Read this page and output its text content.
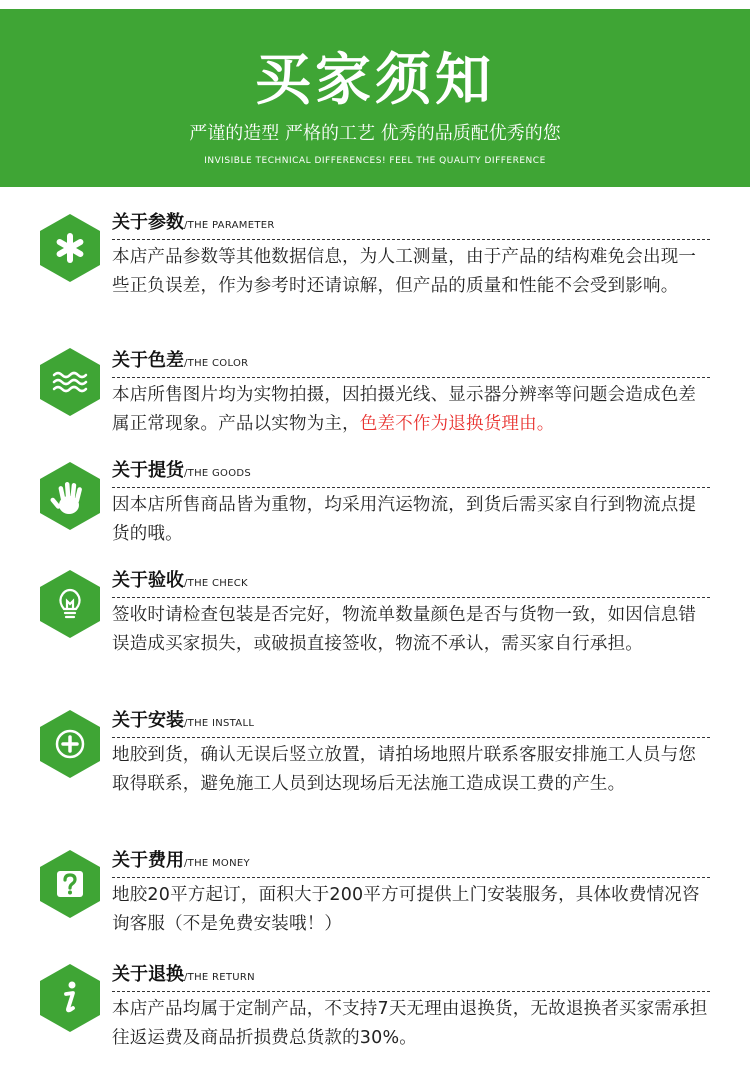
买家须知
严谨的造型 严格的工艺 优秀的品质配优秀的您
INVISIBLE TECHNICAL DIFFERENCES! FEEL THE QUALITY DIFFERENCE
关于参数/THE PARAMETER
本店产品参数等其他数据信息，为人工测量，由于产品的结构难免会出现一些正负误差，作为参考时还请谅解，但产品的质量和性能不会受到影响。
关于色差/THE COLOR
本店所售图片均为实物拍摄，因拍摄光线、显示器分辨率等问题会造成色差属正常现象。产品以实物为主，色差不作为退换货理由。
关于提货/THE GOODS
因本店所售商品皆为重物，均采用汽运物流，到货后需买家自行到物流点提货的哦。
关于验收/THE CHECK
签收时请检查包装是否完好，物流单数量颜色是否与货物一致，如因信息错误造成买家损失，或破损直接签收，物流不承认，需买家自行承担。
关于安装/THE INSTALL
地胶到货，确认无误后竖立放置，请拍场地照片联系客服安排施工人员与您取得联系，避免施工人员到达现场后无法施工造成误工费的产生。
关于费用/THE MONEY
地胶20平方起订，面积大于200平方可提供上门安装服务，具体收费情况咨询客服（不是免费安装哦！）
关于退换/THE RETURN
本店产品均属于定制产品，不支持7天无理由退换货，无故退换者买家需承担往返运费及商品折损费总货款的30%。
